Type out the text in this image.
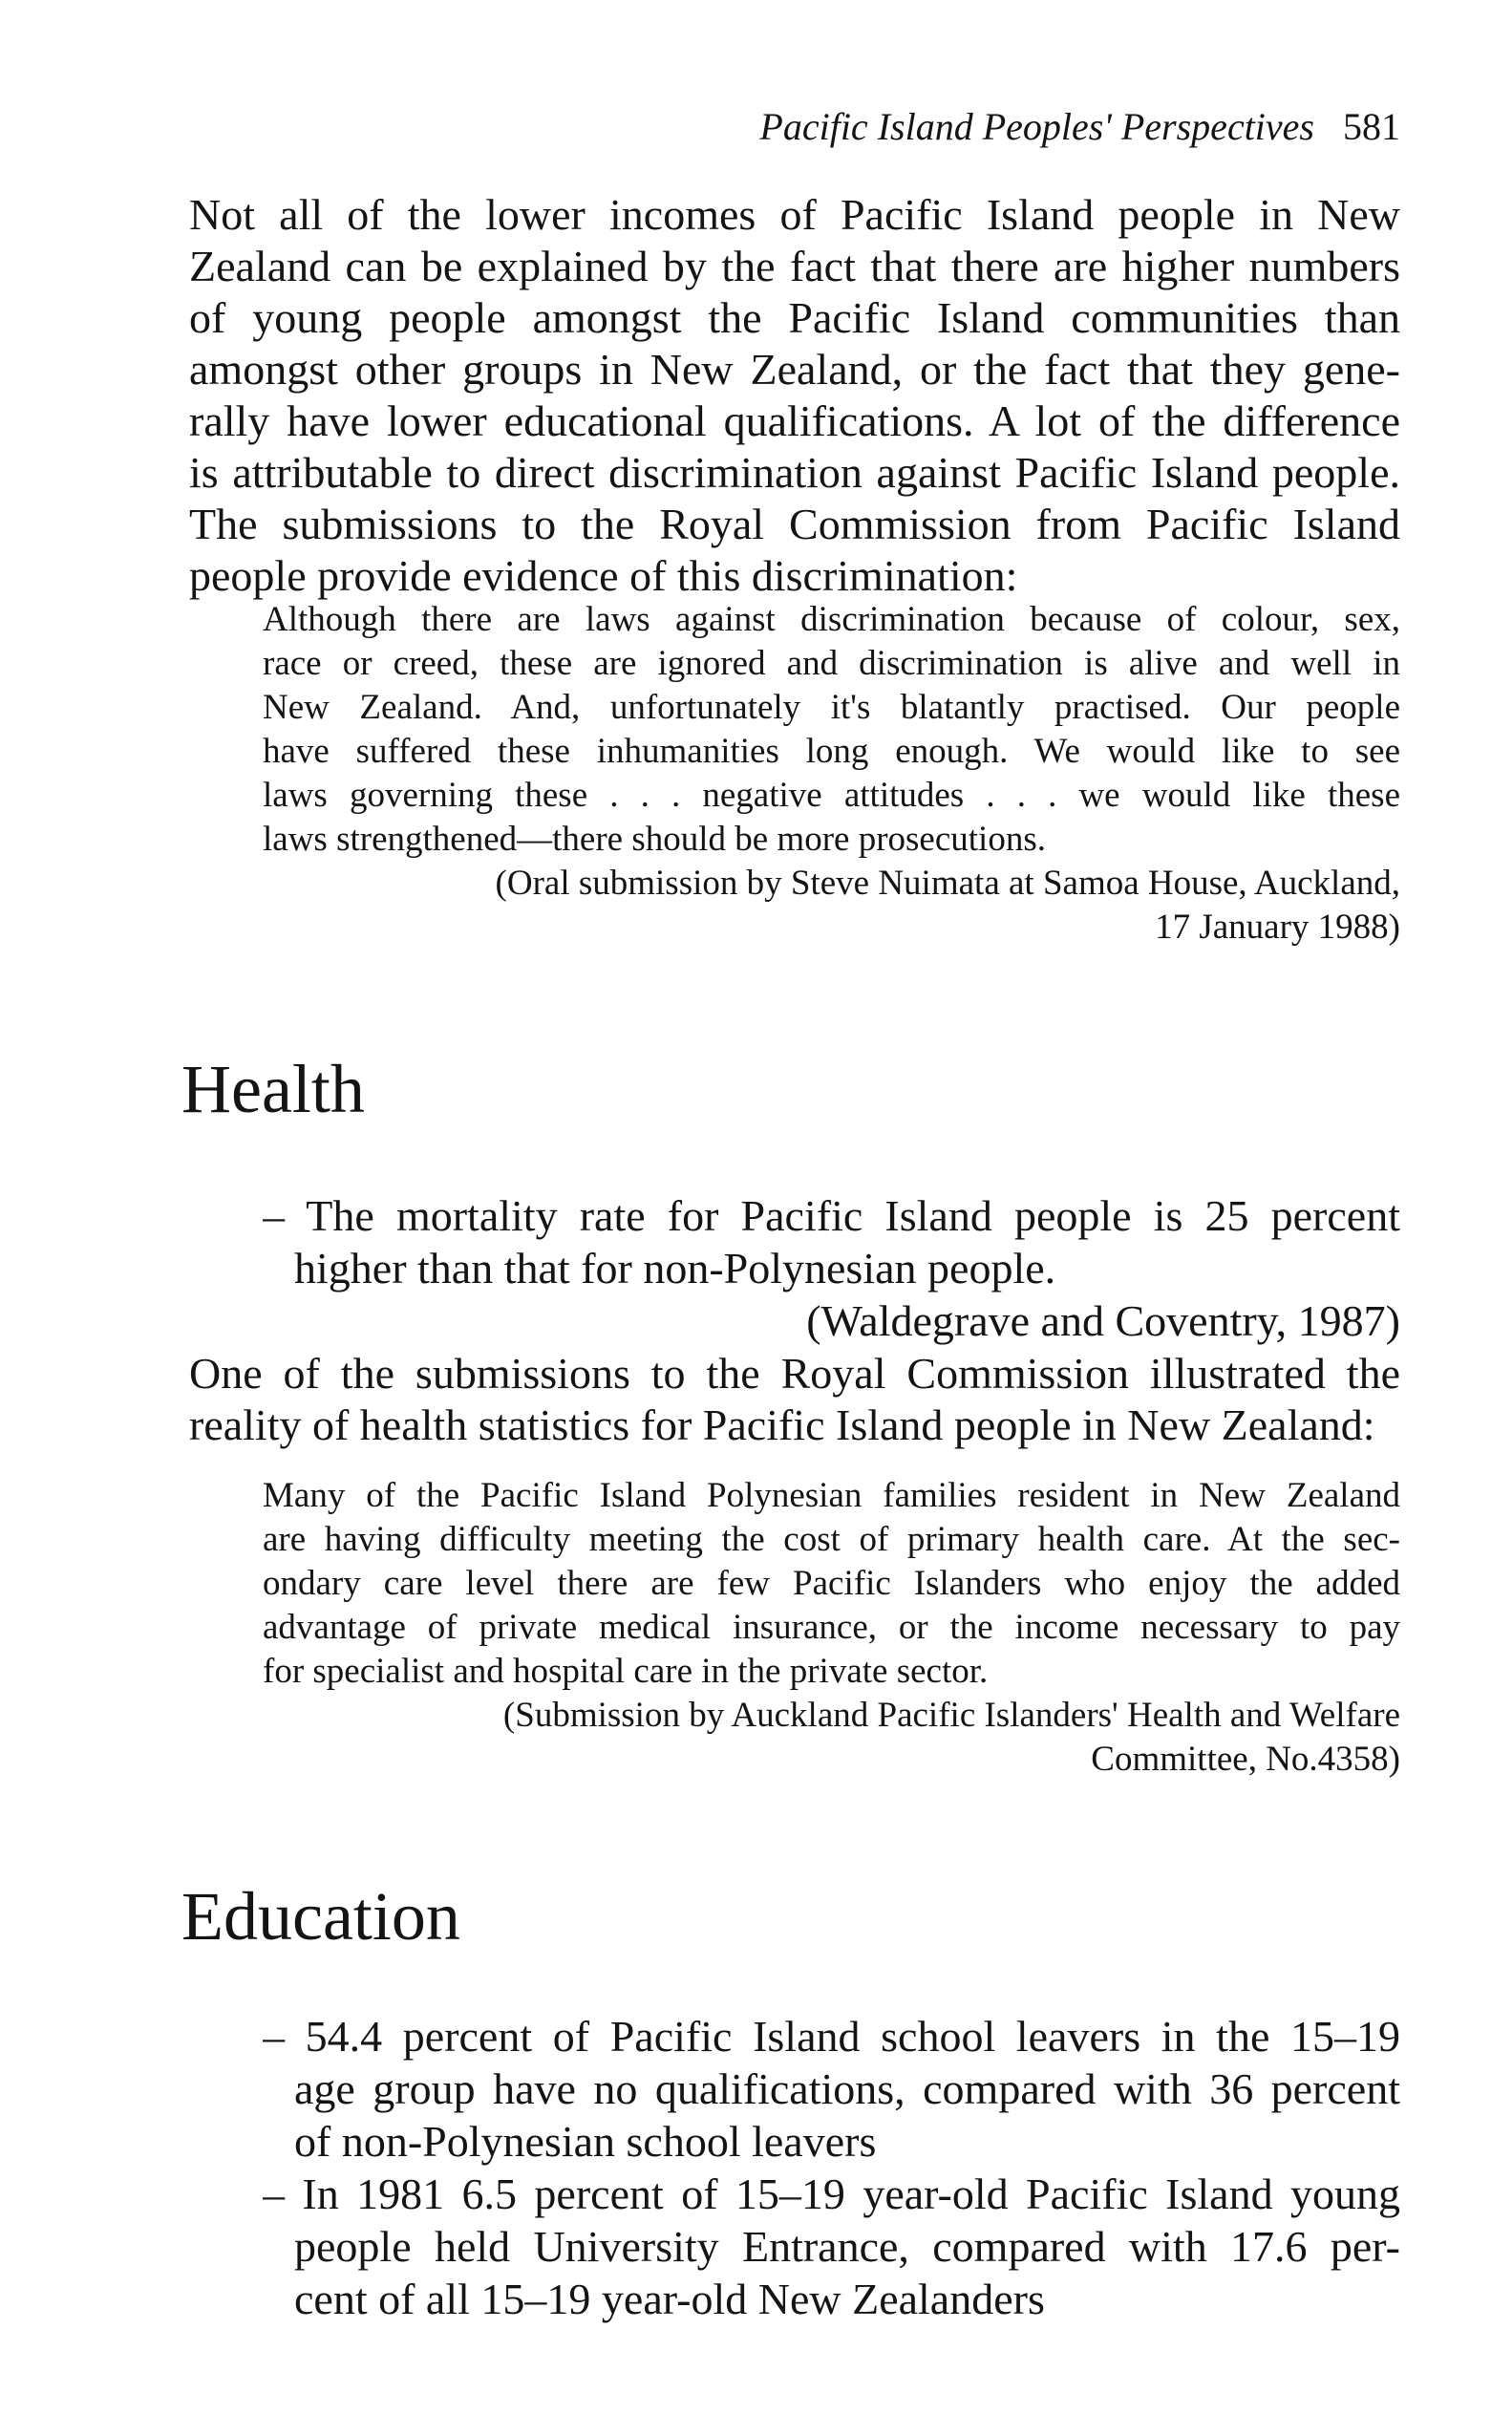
Pacific Island Peoples' Perspectives 581
Not all of the lower incomes of Pacific Island people in New
Zealand can be explained by the fact that there are higher numbers
of young people amongst the Pacific Island communities than
amongst other groups in New Zealand, or the fact that they gene-
rally have lower educational qualifications. A lot of the difference
is attributable to direct discrimination against Pacific Island people.
The submissions to the Royal Commission from Pacific Island
people provide evidence of this discrimination:
Although there are laws against discrimination because of colour, sex,
race or creed, these are ignored and discrimination is alive and well in
New Zealand. And, unfortunately it's blatantly practised. Our people
have suffered these inhumanities long enough. We would like to see
laws governing these . . . negative attitudes . . . we would like these
laws strengthened—there should be more prosecutions.
(Oral submission by Steve Nuimata at Samoa House, Auckland,
17 January 1988)
Health
– The mortality rate for Pacific Island people is 25 percent
higher than that for non-Polynesian people.
(Waldegrave and Coventry, 1987)
One of the submissions to the Royal Commission illustrated the
reality of health statistics for Pacific Island people in New Zealand:
Many of the Pacific Island Polynesian families resident in New Zealand
are having difficulty meeting the cost of primary health care. At the sec-
ondary care level there are few Pacific Islanders who enjoy the added
advantage of private medical insurance, or the income necessary to pay
for specialist and hospital care in the private sector.
(Submission by Auckland Pacific Islanders' Health and Welfare
Committee, No.4358)
Education
– 54.4 percent of Pacific Island school leavers in the 15–19
age group have no qualifications, compared with 36 percent
of non-Polynesian school leavers
– In 1981 6.5 percent of 15–19 year-old Pacific Island young
people held University Entrance, compared with 17.6 per-
cent of all 15–19 year-old New Zealanders
